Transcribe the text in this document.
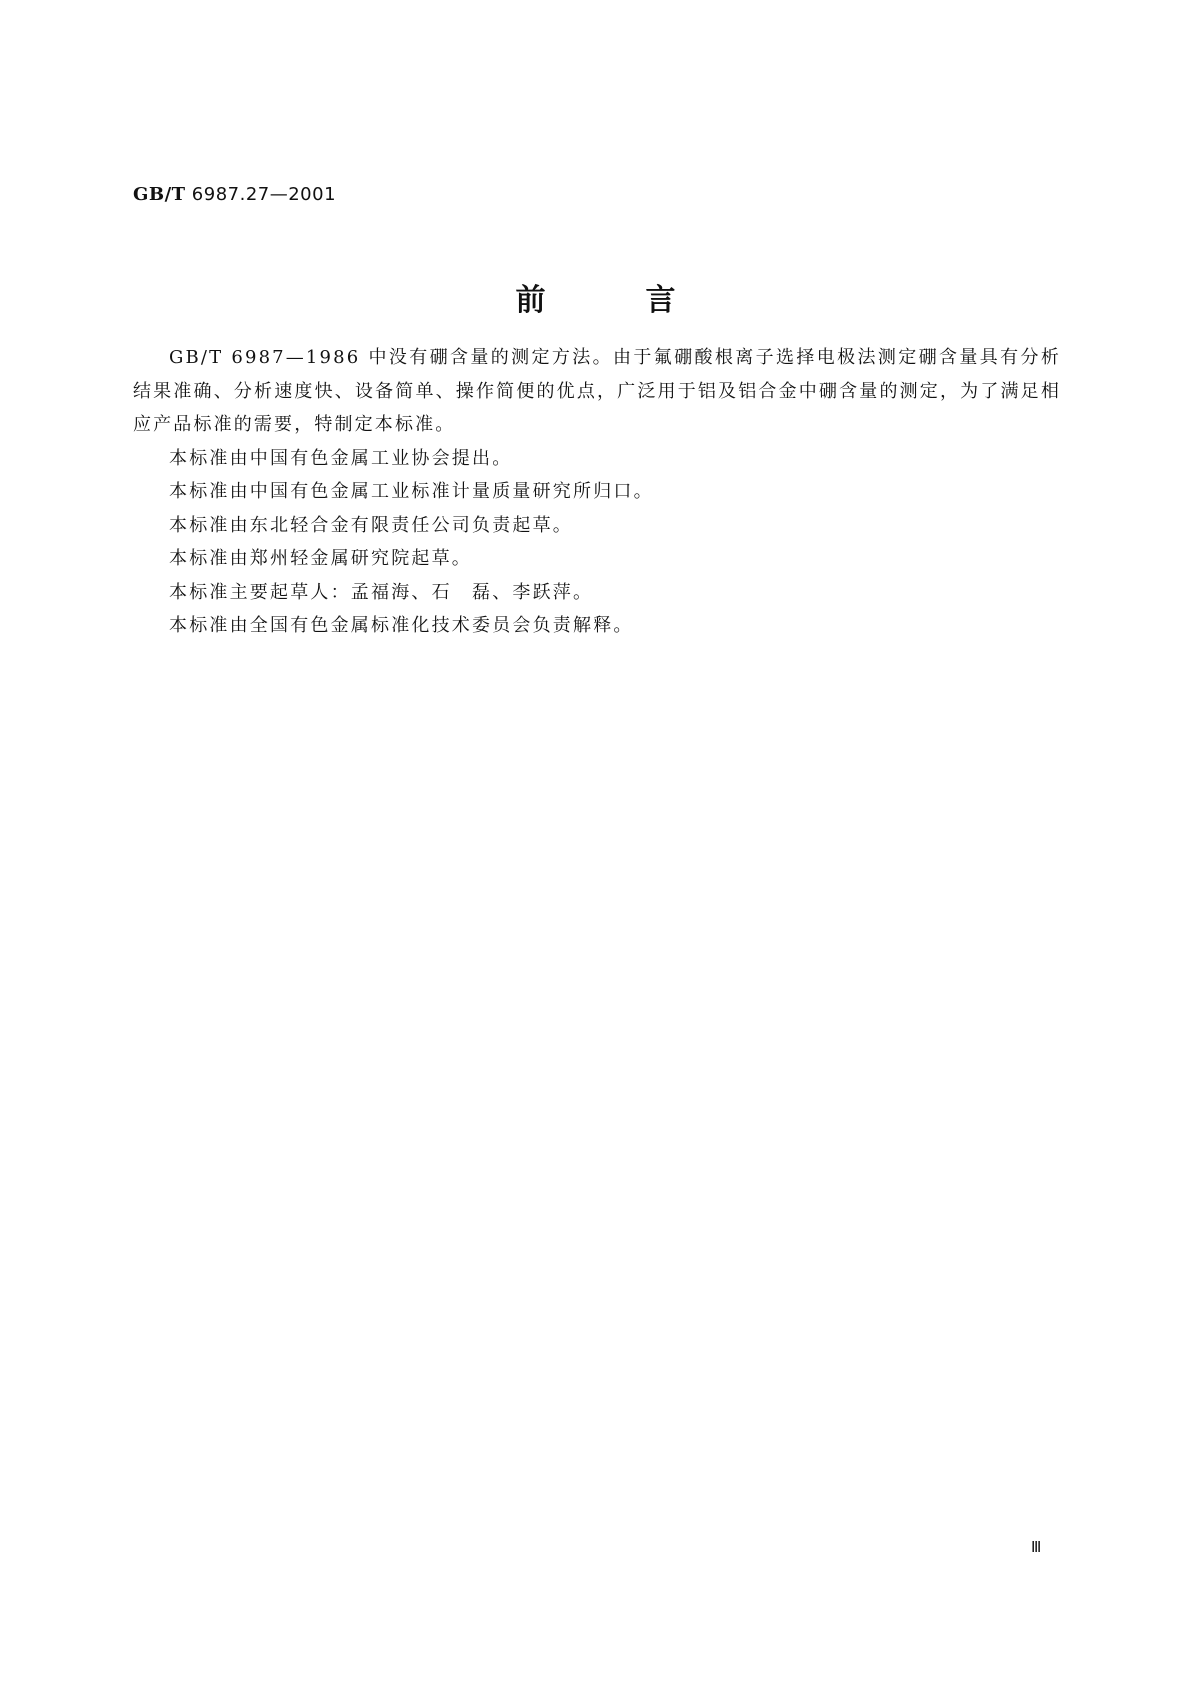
GB/T 6987.27—2001
前	言

GB/T 6987—1986 中没有硼含量的测定方法。由于氟硼酸根离子选择电极法测定硼含量具有分析结果准确、分析速度快、设备简单、操作简便的优点，广泛用于铝及铝合金中硼含量的测定，为了满足相应产品标准的需要，特制定本标准。

本标准由中国有色金属工业协会提出。

本标准由中国有色金属工业标准计量质量研究所归口。

本标准由东北轻合金有限责任公司负责起草。

本标准由郑州轻金属研究院起草。

本标准主要起草人：孟福海、石　磊、李跃萍。

本标准由全国有色金属标准化技术委员会负责解释。

Ⅲ
